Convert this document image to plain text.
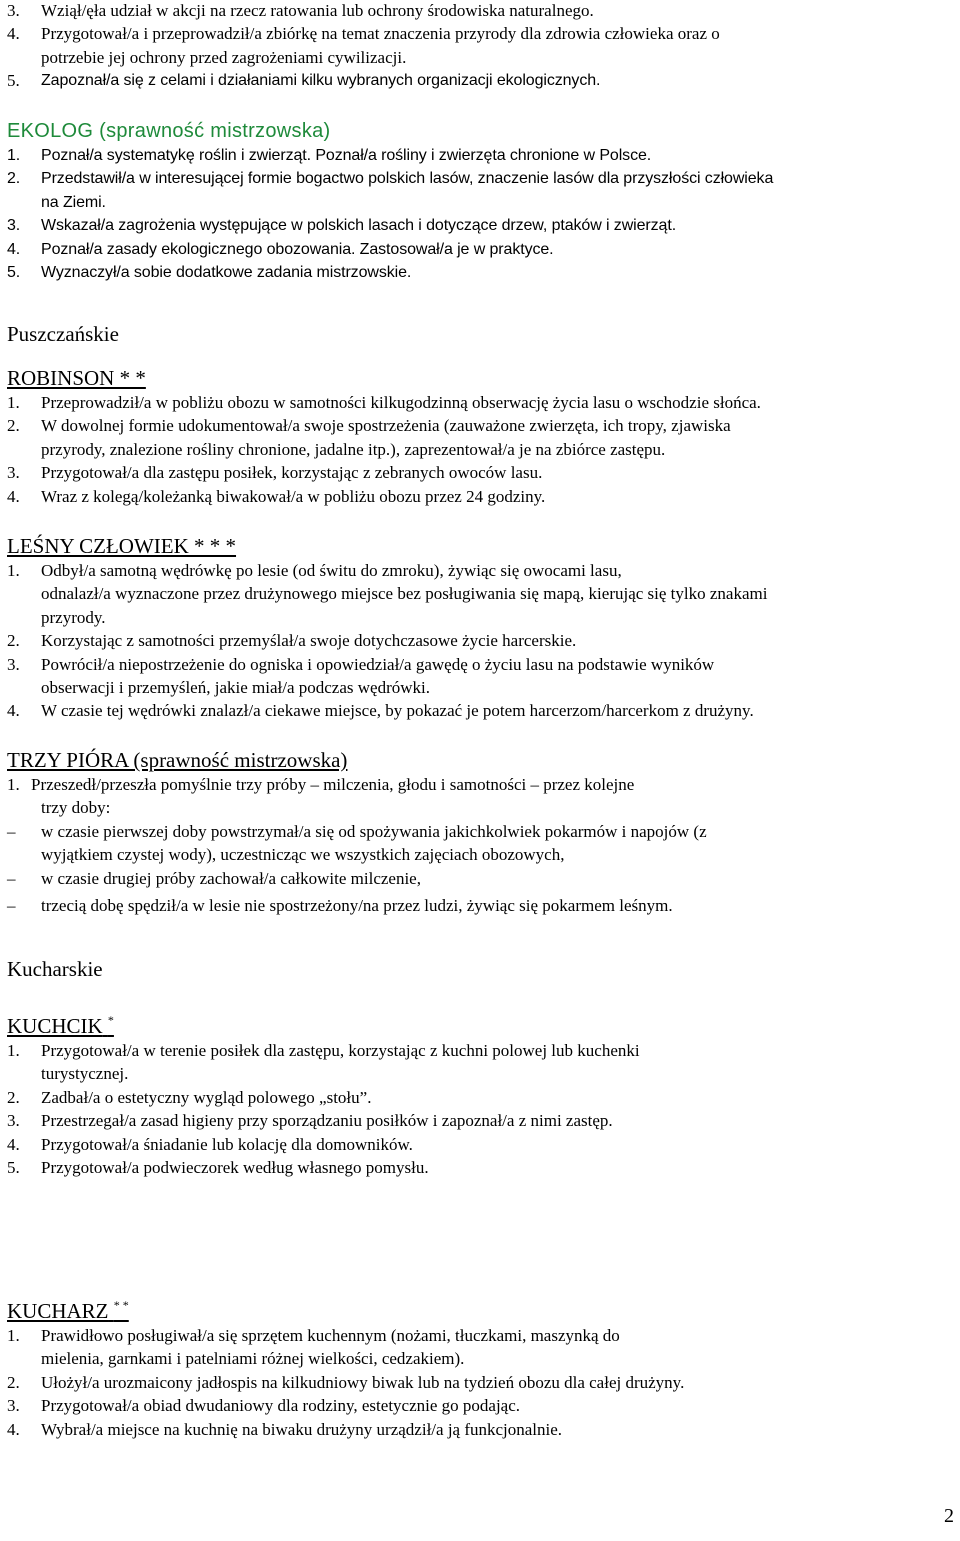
3. Wziął/ęła udział w akcji na rzecz ratowania lub ochrony środowiska naturalnego.
4. Przygotował/a i przeprowadził/a zbiórkę na temat znaczenia przyrody dla zdrowia człowieka oraz o
potrzebie jej ochrony przed zagrożeniami cywilizacji.
5. Zapoznał/a się z celami i działaniami kilku wybranych organizacji ekologicznych.
EKOLOG (sprawność mistrzowska)
1. Poznał/a systematykę roślin i zwierząt. Poznał/a rośliny i zwierzęta chronione w Polsce.
2. Przedstawił/a w interesującej formie bogactwo polskich lasów, znaczenie lasów dla przyszłości człowieka
na Ziemi.
3. Wskazał/a zagrożenia występujące w polskich lasach i dotyczące drzew, ptaków i zwierząt.
4. Poznał/a zasady ekologicznego obozowania. Zastosował/a je w praktyce.
5. Wyznaczył/a sobie dodatkowe zadania mistrzowskie.
Puszczańskie
ROBINSON * *
1. Przeprowadził/a w pobliżu obozu w samotności kilkugodzinną obserwację życia lasu o wschodzie słońca.
2. W dowolnej formie udokumentował/a swoje spostrzeżenia (zauważone zwierzęta, ich tropy, zjawiska
przyrody, znalezione rośliny chronione, jadalne itp.), zaprezentował/a je na zbiórce zastępu.
3. Przygotował/a dla zastępu posiłek, korzystając z zebranych owoców lasu.
4. Wraz z kolegą/koleżanką biwakował/a w pobliżu obozu przez 24 godziny.
LEŚNY CZŁOWIEK * * *
1. Odbył/a samotną wędrówkę po lesie (od świtu do zmroku), żywiąc się owocami lasu,
odnalazł/a wyznaczone przez drużynowego miejsce bez posługiwania się mapą, kierując się tylko znakami
przyrody.
2. Korzystając z samotności przemyślał/a swoje dotychczasowe życie harcerskie.
3. Powrócił/a niepostrzeżenie do ogniska i opowiedział/a gawędę o życiu lasu na podstawie wyników
obserwacji i przemyśleń, jakie miał/a podczas wędrówki.
4. W czasie tej wędrówki znalazł/a ciekawe miejsce, by pokazać je potem harcerzom/harcerkom z drużyny.
TRZY PIÓRA (sprawność mistrzowska)
1. Przeszedł/przeszła pomyślnie trzy próby – milczenia, głodu i samotności – przez kolejne
trzy doby:
– w czasie pierwszej doby powstrzymał/a się od spożywania jakichkolwiek pokarmów i napojów (z
wyjątkiem czystej wody), uczestnicząc we wszystkich zajęciach obozowych,
– w czasie drugiej próby zachował/a całkowite milczenie,
– trzecią dobę spędził/a w lesie nie spostrzeżony/na przez ludzi, żywiąc się pokarmem leśnym.
Kucharskie
KUCHCIK *
1. Przygotował/a w terenie posiłek dla zastępu, korzystając z kuchni polowej lub kuchenki
turystycznej.
2. Zadbał/a o estetyczny wygląd polowego „stołu”.
3. Przestrzegał/a zasad higieny przy sporządzaniu posiłków i zapoznał/a z nimi zastęp.
4. Przygotował/a śniadanie lub kolację dla domowników.
5. Przygotował/a podwieczorek według własnego pomysłu.
KUCHARZ * *
1. Prawidłowo posługiwał/a się sprzętem kuchennym (nożami, tłuczkami, maszynką do
mielenia, garnkami i patelniami różnej wielkości, cedzakiem).
2. Ułożył/a urozmaicony jadłospis na kilkudniowy biwak lub na tydzień obozu dla całej drużyny.
3. Przygotował/a obiad dwudaniowy dla rodziny, estetycznie go podając.
4. Wybrał/a miejsce na kuchnię na biwaku drużyny urządził/a ją funkcjonalnie.
2
